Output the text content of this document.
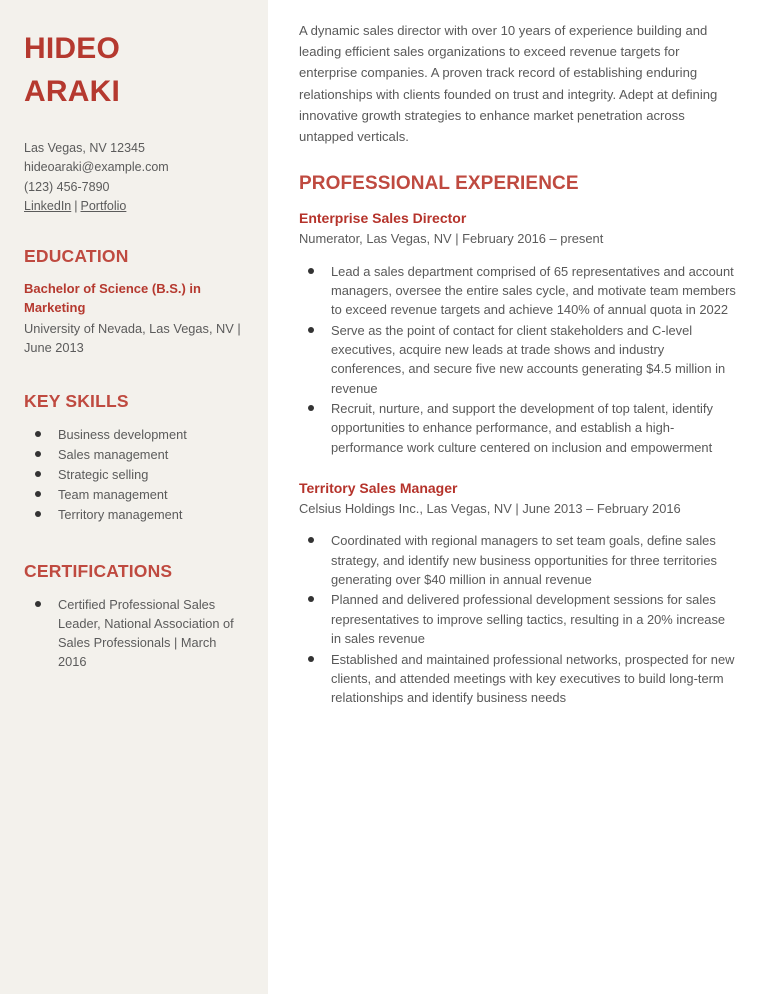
HIDEO
ARAKI
Las Vegas, NV 12345
hideoaraki@example.com
(123) 456-7890
LinkedIn | Portfolio
EDUCATION
Bachelor of Science (B.S.) in Marketing
University of Nevada, Las Vegas, NV | June 2013
KEY SKILLS
Business development
Sales management
Strategic selling
Team management
Territory management
CERTIFICATIONS
Certified Professional Sales Leader, National Association of Sales Professionals | March 2016

A dynamic sales director with over 10 years of experience building and leading efficient sales organizations to exceed revenue targets for enterprise companies. A proven track record of establishing enduring relationships with clients founded on trust and integrity. Adept at defining innovative growth strategies to enhance market penetration across untapped verticals.

PROFESSIONAL EXPERIENCE
Enterprise Sales Director
Numerator, Las Vegas, NV | February 2016 – present
Lead a sales department comprised of 65 representatives and account managers, oversee the entire sales cycle, and motivate team members to exceed revenue targets and achieve 140% of annual quota in 2022
Serve as the point of contact for client stakeholders and C-level executives, acquire new leads at trade shows and industry conferences, and secure five new accounts generating $4.5 million in revenue
Recruit, nurture, and support the development of top talent, identify opportunities to enhance performance, and establish a high-performance work culture centered on inclusion and empowerment
Territory Sales Manager
Celsius Holdings Inc., Las Vegas, NV | June 2013 – February 2016
Coordinated with regional managers to set team goals, define sales strategy, and identify new business opportunities for three territories generating over $40 million in annual revenue
Planned and delivered professional development sessions for sales representatives to improve selling tactics, resulting in a 20% increase in sales revenue
Established and maintained professional networks, prospected for new clients, and attended meetings with key executives to build long-term relationships and identify business needs
